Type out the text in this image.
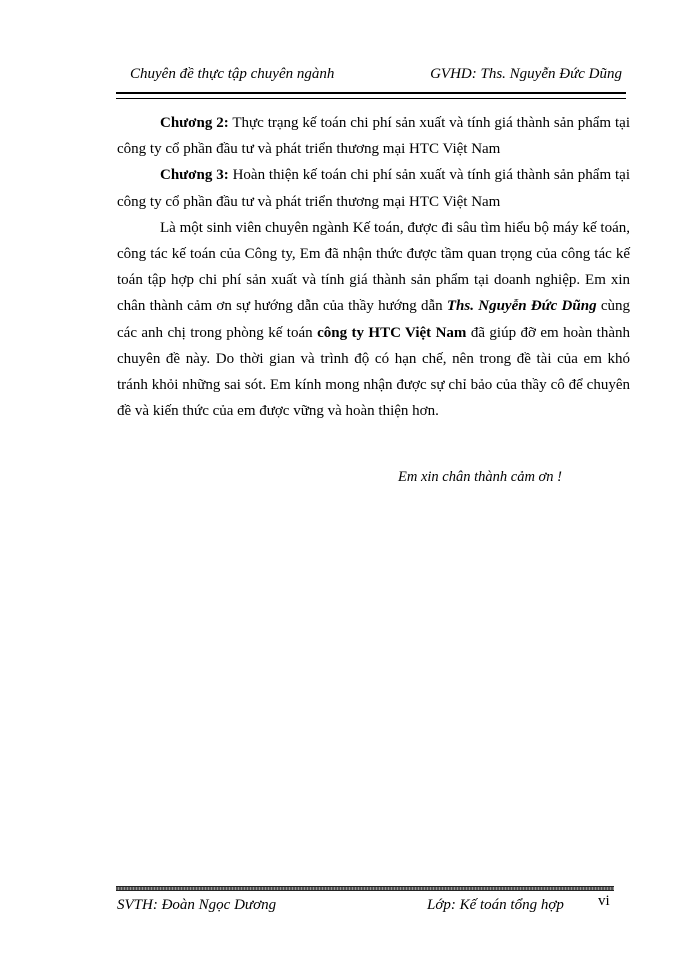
Chuyên đề thực tập chuyên ngành	GVHD: Ths. Nguyễn Đức Dũng

Chương 2: Thực trạng kế toán chi phí sản xuất và tính giá thành sản phẩm tại công ty cổ phần đầu tư và phát triển thương mại HTC Việt Nam

Chương 3: Hoàn thiện kế toán chi phí sản xuất và tính giá thành sản phẩm tại công ty cổ phần đầu tư và phát triển thương mại HTC Việt Nam

Là một sinh viên chuyên ngành Kế toán, được đi sâu tìm hiểu bộ máy kế toán, công tác kế toán của Công ty, Em đã nhận thức được tầm quan trọng của công tác kế toán tập hợp chi phí sản xuất và tính giá thành sản phẩm tại doanh nghiệp. Em xin chân thành cảm ơn sự hướng dẫn của thầy hướng dẫn Ths. Nguyễn Đức Dũng cùng các anh chị trong phòng kế toán công ty HTC Việt Nam đã giúp đỡ em hoàn thành chuyên đề này. Do thời gian và trình độ có hạn chế, nên trong đề tài của em khó tránh khỏi những sai sót. Em kính mong nhận được sự chỉ bảo của thầy cô để chuyên đề và kiến thức của em được vững và hoàn thiện hơn.

Em xin chân thành cảm ơn !
SVTH: Đoàn Ngọc Dương	Lớp: Kế toán tổng hợp vi
